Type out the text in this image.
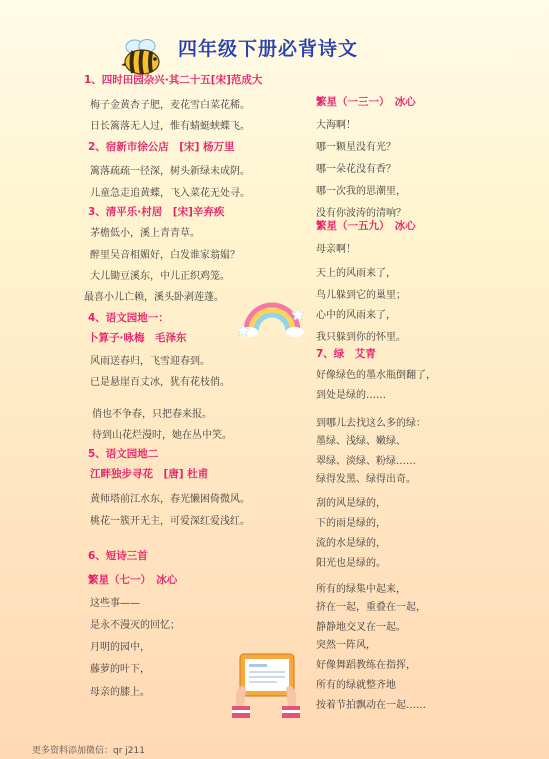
四年级下册必背诗文
1、四时田园杂兴·其二十五[宋]范成大
梅子金黄杏子肥，麦花雪白菜花稀。
日长篱落无人过，惟有蜻蜓蛱蝶飞。
2、宿新市徐公店　[宋] 杨万里
篱落疏疏一径深，树头新绿未成阴。
儿童急走追黄蝶，飞入菜花无处寻。
3、清平乐·村居　[宋]辛弃疾
茅檐低小，溪上青青草。
醉里吴音相媚好，白发谁家翁媪？
大儿锄豆溪东，中儿正织鸡笼。
最喜小儿亡赖，溪头卧剥莲蓬。
4、语文园地一：
卜算子·咏梅　毛泽东
风雨送春归，飞雪迎春到。
已是悬崖百丈冰，犹有花枝俏。
俏也不争春，只把春来报。
待到山花烂漫时，她在丛中笑。
5、语文园地二
江畔独步寻花　[唐] 杜甫
黄师塔前江水东，春光懒困倚微风。
桃花一簇开无主，可爱深红爱浅红。
6、短诗三首
繁星（七一）　冰心
这些事——
是永不漫灭的回忆；
月明的园中，
藤萝的叶下，
母亲的膝上。
繁星（一三一）　冰心
大海啊！
哪一颗星没有光？
哪一朵花没有香？
哪一次我的思潮里，
没有你波涛的清响？
繁星（一五九）　冰心
母亲啊！
天上的风雨来了，
鸟儿躲到它的巢里；
心中的风雨来了，
我只躲到你的怀里。
7、绿　艾青
好像绿色的墨水瓶倒翻了，
到处是绿的……
到哪儿去找这么多的绿：
墨绿、浅绿、嫩绿、
翠绿、淡绿、粉绿……
绿得发黑、绿得出奇。
刮的风是绿的，
下的雨是绿的，
流的水是绿的，
阳光也是绿的。
所有的绿集中起来，
挤在一起，重叠在一起，
静静地交叉在一起。
突然一阵风，
好像舞蹈教练在指挥，
所有的绿就整齐地
按着节拍飘动在一起……
更多资料添加微信：qr j211
